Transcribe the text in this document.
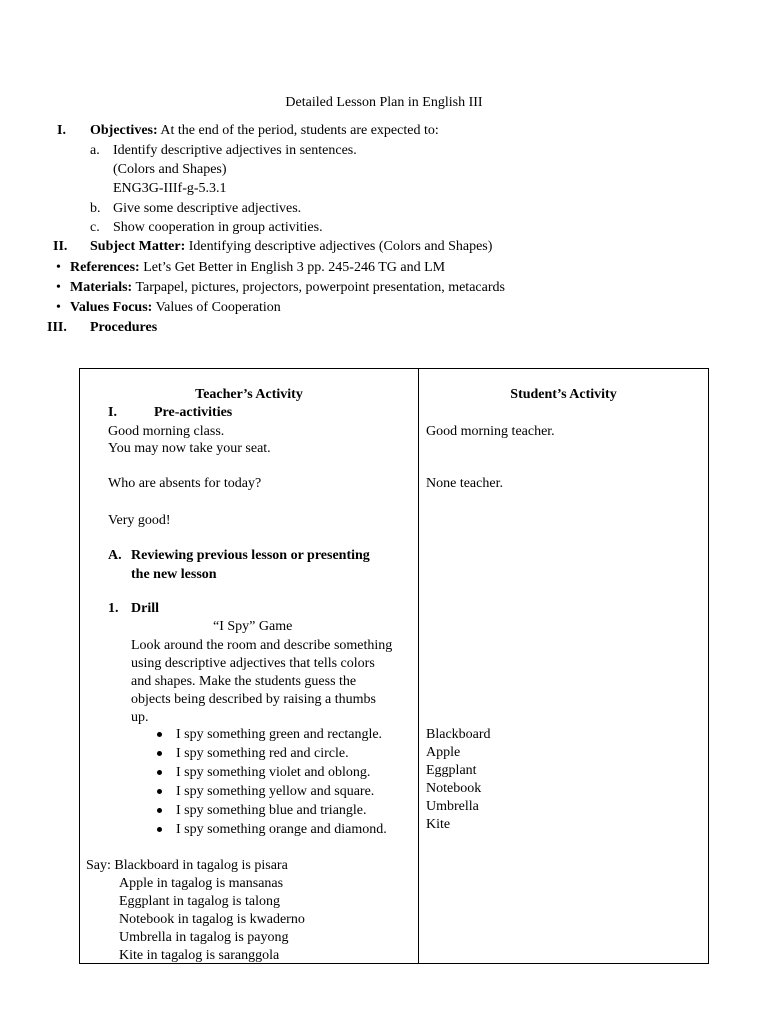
Detailed Lesson Plan in English III
I. Objectives: At the end of the period, students are expected to:
a. Identify descriptive adjectives in sentences.
(Colors and Shapes)
ENG3G-IIIf-g-5.3.1
b. Give some descriptive adjectives.
c. Show cooperation in group activities.
II. Subject Matter: Identifying descriptive adjectives (Colors and Shapes)
• References: Let’s Get Better in English 3 pp. 245-246 TG and LM
• Materials: Tarpapel, pictures, projectors, powerpoint presentation, metacards
• Values Focus: Values of Cooperation
III. Procedures
Teacher’s Activity	Student’s Activity
I.	Pre-activities
Good morning class.
You may now take your seat.
Who are absents for today?
Very good!
A. Reviewing previous lesson or presenting
the new lesson
1. Drill
“I Spy” Game
Look around the room and describe something
using descriptive adjectives that tells colors
and shapes. Make the students guess the
objects being described by raising a thumbs
up.
I spy something green and rectangle.
I spy something red and circle.
I spy something violet and oblong.
I spy something yellow and square.
I spy something blue and triangle.
I spy something orange and diamond.
Say: Blackboard in tagalog is pisara
Apple in tagalog is mansanas
Eggplant in tagalog is talong
Notebook in tagalog is kwaderno
Umbrella in tagalog is payong
Kite in tagalog is saranggola
Good morning teacher.
None teacher.
Blackboard
Apple
Eggplant
Notebook
Umbrella
Kite
